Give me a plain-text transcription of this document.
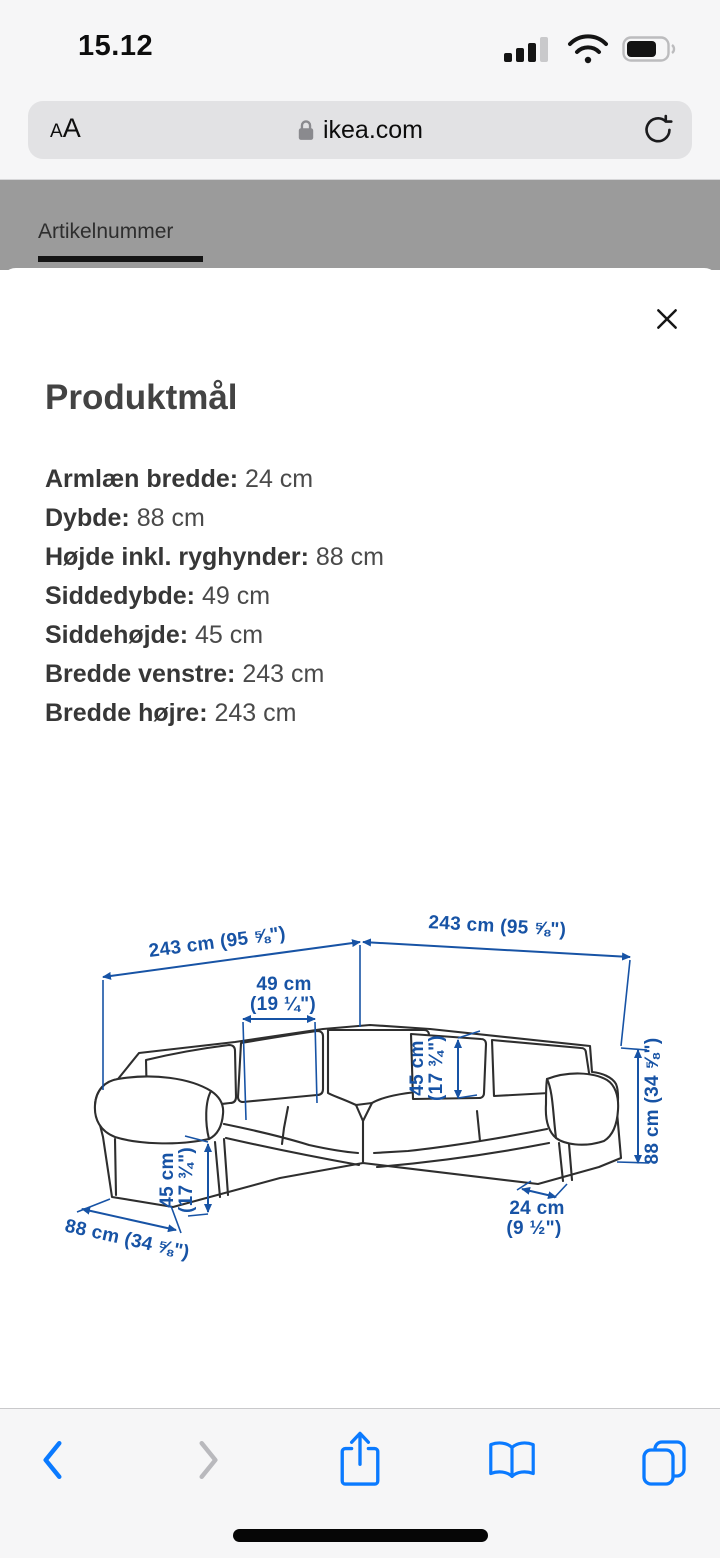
15.12
AA	ikea.com
Artikelnummer
Produktmål
Armlæn bredde: 24 cm
Dybde: 88 cm
Højde inkl. ryghynder: 88 cm
Siddedybde: 49 cm
Siddehøjde: 45 cm
Bredde venstre: 243 cm
Bredde højre: 243 cm
243 cm (95 ⅝")	243 cm (95 ⅝")
49 cm
(19 ¼")
45 cm
(17 ¾")
45 cm
(17 ¾")
88 cm (34 ⅝")
88 cm (34 ⅝")
24 cm
(9 ½")
